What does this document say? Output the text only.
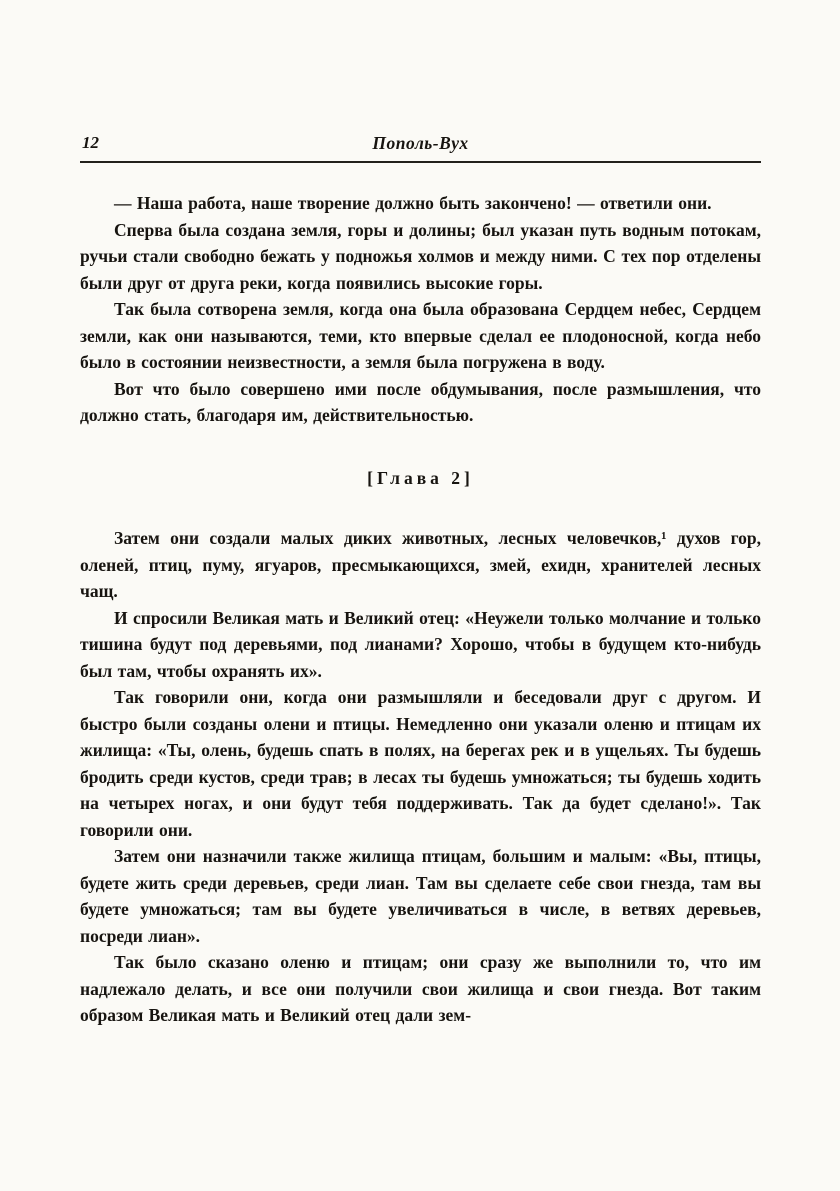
12	Пополь-Вух

— Наша работа, наше творение должно быть закончено! — ответили они.

Сперва была создана земля, горы и долины; был указан путь водным потокам, ручьи стали свободно бежать у подножья холмов и между ними. С тех пор отделены были друг от друга реки, когда появились высокие горы.

Так была сотворена земля, когда она была образована Сердцем небес, Сердцем земли, как они называются, теми, кто впервые сделал ее плодоносной, когда небо было в состоянии неизвестности, а земля была погружена в воду.

Вот что было совершено ими после обдумывания, после размышления, что должно стать, благодаря им, действительностью.

[Глава 2]

Затем они создали малых диких животных, лесных человечков,¹ духов гор, оленей, птиц, пуму, ягуаров, пресмыкающихся, змей, ехидн, хранителей лесных чащ.

И спросили Великая мать и Великий отец: «Неужели только молчание и только тишина будут под деревьями, под лианами? Хорошо, чтобы в будущем кто-нибудь был там, чтобы охранять их».

Так говорили они, когда они размышляли и беседовали друг с другом. И быстро были созданы олени и птицы. Немедленно они указали оленю и птицам их жилища: «Ты, олень, будешь спать в полях, на берегах рек и в ущельях. Ты будешь бродить среди кустов, среди трав; в лесах ты будешь умножаться; ты будешь ходить на четырех ногах, и они будут тебя поддерживать. Так да будет сделано!». Так говорили они.

Затем они назначили также жилища птицам, большим и малым: «Вы, птицы, будете жить среди деревьев, среди лиан. Там вы сделаете себе свои гнезда, там вы будете умножаться; там вы будете увеличиваться в числе, в ветвях деревьев, посреди лиан».

Так было сказано оленю и птицам; они сразу же выполнили то, что им надлежало делать, и все они получили свои жилища и свои гнезда. Вот таким образом Великая мать и Великий отец дали зем-
